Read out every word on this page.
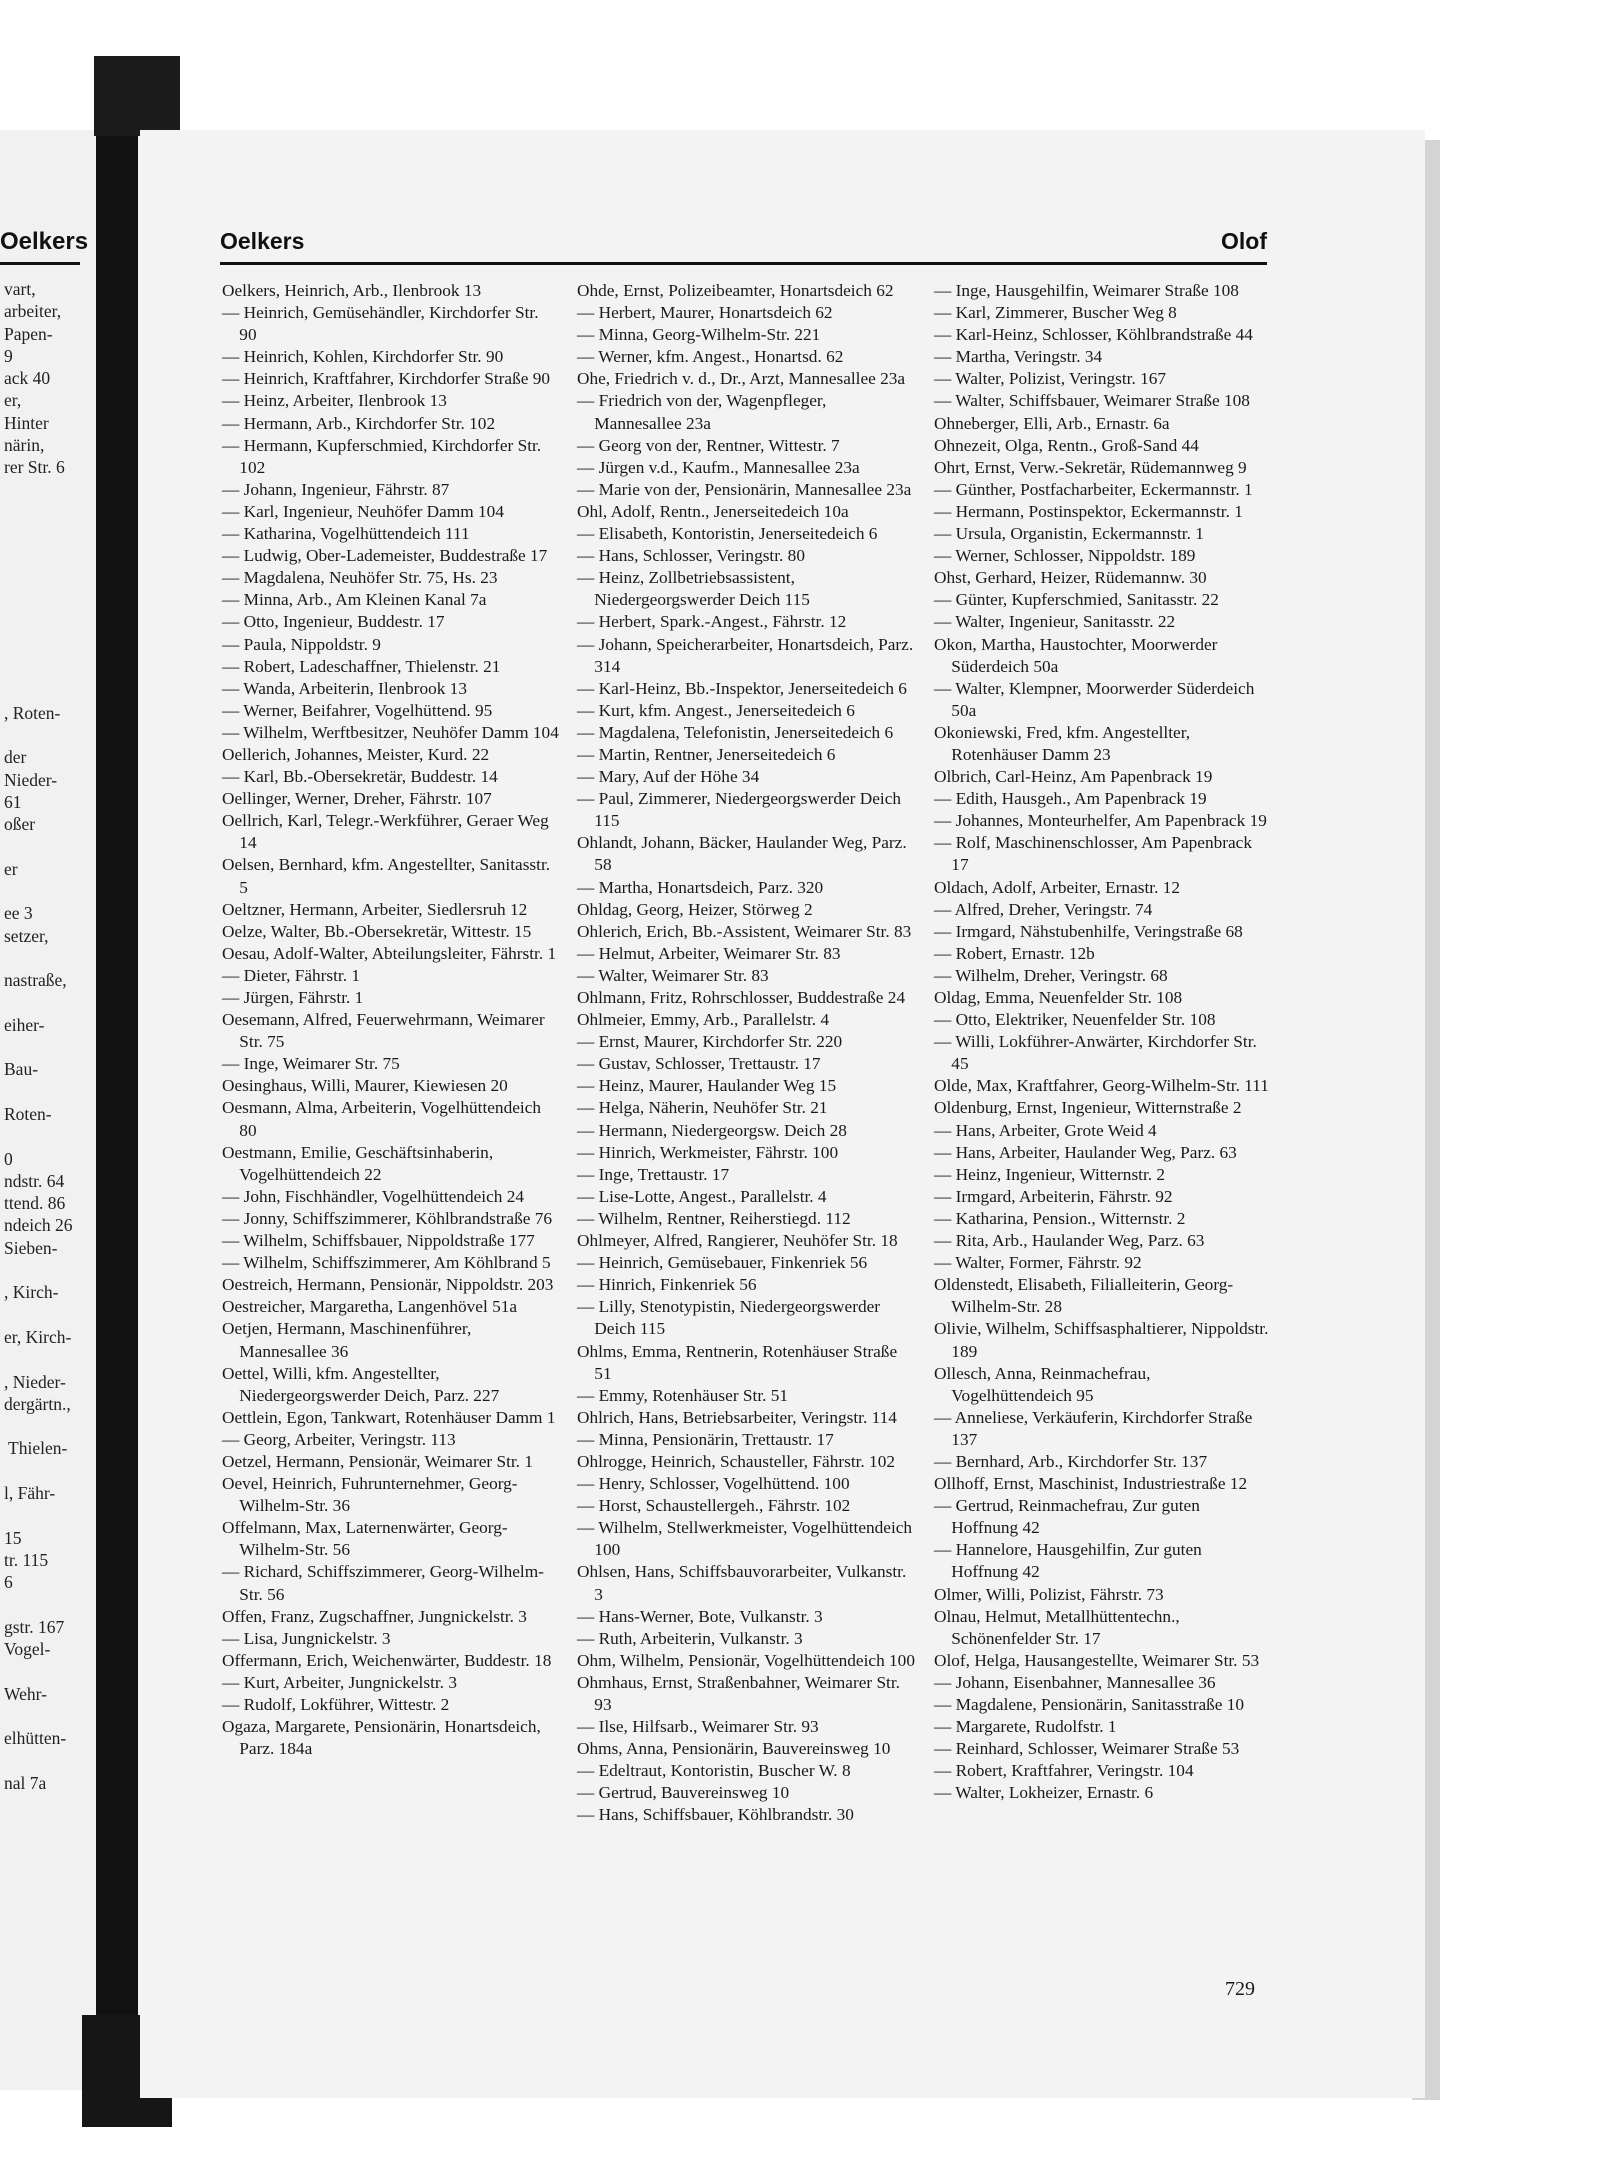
Oelkers
vart,
arbeiter,
Papen-
9
ack 40
er,
Hinter
närin,
rer Str. 6

, Roten-

der
Nieder-
61
oßer

er

ee 3
setzer,

nastraße,

eiher-

Bau-

Roten-

0
ndstr. 64
ttend. 86
ndeich 26
Sieben-

, Kirch-

er, Kirch-

, Nieder-
dergärtn.,

Thielen-

l, Fähr-

15
tr. 115
6

gstr. 167
Vogel-

Wehr-

elhütten-

nal 7a
Oelkers	Olof
Oelkers, Heinrich, Arb., Ilenbrook 13
— Heinrich, Gemüsehändler, Kirchdorfer Str. 90
— Heinrich, Kohlen, Kirchdorfer Str. 90
— Heinrich, Kraftfahrer, Kirchdorfer Straße 90
— Heinz, Arbeiter, Ilenbrook 13
— Hermann, Arb., Kirchdorfer Str. 102
— Hermann, Kupferschmied, Kirchdorfer Str. 102
— Johann, Ingenieur, Fährstr. 87
— Karl, Ingenieur, Neuhöfer Damm 104
— Katharina, Vogelhüttendeich 111
— Ludwig, Ober-Lademeister, Buddestraße 17
— Magdalena, Neuhöfer Str. 75, Hs. 23
— Minna, Arb., Am Kleinen Kanal 7a
— Otto, Ingenieur, Buddestr. 17
— Paula, Nippoldstr. 9
— Robert, Ladeschaffner, Thielenstr. 21
— Wanda, Arbeiterin, Ilenbrook 13
— Werner, Beifahrer, Vogelhüttend. 95
— Wilhelm, Werftbesitzer, Neuhöfer Damm 104
Oellerich, Johannes, Meister, Kurd. 22
— Karl, Bb.-Obersekretär, Buddestr. 14
Oellinger, Werner, Dreher, Fährstr. 107
Oellrich, Karl, Telegr.-Werkführer, Geraer Weg 14
Oelsen, Bernhard, kfm. Angestellter, Sanitasstr. 5
Oeltzner, Hermann, Arbeiter, Siedlersruh 12
Oelze, Walter, Bb.-Obersekretär, Wittestr. 15
Oesau, Adolf-Walter, Abteilungsleiter, Fährstr. 1
— Dieter, Fährstr. 1
— Jürgen, Fährstr. 1
Oesemann, Alfred, Feuerwehrmann, Weimarer Str. 75
— Inge, Weimarer Str. 75
Oesinghaus, Willi, Maurer, Kiewiesen 20
Oesmann, Alma, Arbeiterin, Vogelhüttendeich 80
Oestmann, Emilie, Geschäftsinhaberin, Vogelhüttendeich 22
— John, Fischhändler, Vogelhüttendeich 24
— Jonny, Schiffszimmerer, Köhlbrandstraße 76
— Wilhelm, Schiffsbauer, Nippoldstraße 177
— Wilhelm, Schiffszimmerer, Am Köhlbrand 5
Oestreich, Hermann, Pensionär, Nippoldstr. 203
Oestreicher, Margaretha, Langenhövel 51a
Oetjen, Hermann, Maschinenführer, Mannesallee 36
Oettel, Willi, kfm. Angestellter, Niedergeorgswerder Deich, Parz. 227
Oettlein, Egon, Tankwart, Rotenhäuser Damm 1
— Georg, Arbeiter, Veringstr. 113
Oetzel, Hermann, Pensionär, Weimarer Str. 1
Oevel, Heinrich, Fuhrunternehmer, Georg-Wilhelm-Str. 36
Offelmann, Max, Laternenwärter, Georg-Wilhelm-Str. 56
— Richard, Schiffszimmerer, Georg-Wilhelm-Str. 56
Offen, Franz, Zugschaffner, Jungnickelstr. 3
— Lisa, Jungnickelstr. 3
Offermann, Erich, Weichenwärter, Buddestr. 18
— Kurt, Arbeiter, Jungnickelstr. 3
— Rudolf, Lokführer, Wittestr. 2
Ogaza, Margarete, Pensionärin, Honartsdeich, Parz. 184a
Ohde, Ernst, Polizeibeamter, Honartsdeich 62
— Herbert, Maurer, Honartsdeich 62
— Minna, Georg-Wilhelm-Str. 221
— Werner, kfm. Angest., Honartsd. 62
Ohe, Friedrich v. d., Dr., Arzt, Mannesallee 23a
— Friedrich von der, Wagenpfleger, Mannesallee 23a
— Georg von der, Rentner, Wittestr. 7
— Jürgen v.d., Kaufm., Mannesallee 23a
— Marie von der, Pensionärin, Mannesallee 23a
Ohl, Adolf, Rentn., Jenerseitedeich 10a
— Elisabeth, Kontoristin, Jenerseitedeich 6
— Hans, Schlosser, Veringstr. 80
— Heinz, Zollbetriebsassistent, Niedergeorgswerder Deich 115
— Herbert, Spark.-Angest., Fährstr. 12
— Johann, Speicherarbeiter, Honartsdeich, Parz. 314
— Karl-Heinz, Bb.-Inspektor, Jenerseitedeich 6
— Kurt, kfm. Angest., Jenerseitedeich 6
— Magdalena, Telefonistin, Jenerseitedeich 6
— Martin, Rentner, Jenerseitedeich 6
— Mary, Auf der Höhe 34
— Paul, Zimmerer, Niedergeorgswerder Deich 115
Ohlandt, Johann, Bäcker, Haulander Weg, Parz. 58
— Martha, Honartsdeich, Parz. 320
Ohldag, Georg, Heizer, Störweg 2
Ohlerich, Erich, Bb.-Assistent, Weimarer Str. 83
— Helmut, Arbeiter, Weimarer Str. 83
— Walter, Weimarer Str. 83
Ohlmann, Fritz, Rohrschlosser, Buddestraße 24
Ohlmeier, Emmy, Arb., Parallelstr. 4
— Ernst, Maurer, Kirchdorfer Str. 220
— Gustav, Schlosser, Trettaustr. 17
— Heinz, Maurer, Haulander Weg 15
— Helga, Näherin, Neuhöfer Str. 21
— Hermann, Niedergeorgsw. Deich 28
— Hinrich, Werkmeister, Fährstr. 100
— Inge, Trettaustr. 17
— Lise-Lotte, Angest., Parallelstr. 4
— Wilhelm, Rentner, Reiherstiegd. 112
Ohlmeyer, Alfred, Rangierer, Neuhöfer Str. 18
— Heinrich, Gemüsebauer, Finkenriek 56
— Hinrich, Finkenriek 56
— Lilly, Stenotypistin, Niedergeorgswerder Deich 115
Ohlms, Emma, Rentnerin, Rotenhäuser Straße 51
— Emmy, Rotenhäuser Str. 51
Ohlrich, Hans, Betriebsarbeiter, Veringstr. 114
— Minna, Pensionärin, Trettaustr. 17
Ohlrogge, Heinrich, Schausteller, Fährstr. 102
— Henry, Schlosser, Vogelhüttend. 100
— Horst, Schaustellergeh., Fährstr. 102
— Wilhelm, Stellwerkmeister, Vogelhüttendeich 100
Ohlsen, Hans, Schiffsbauvorarbeiter, Vulkanstr. 3
— Hans-Werner, Bote, Vulkanstr. 3
— Ruth, Arbeiterin, Vulkanstr. 3
Ohm, Wilhelm, Pensionär, Vogelhüttendeich 100
Ohmhaus, Ernst, Straßenbahner, Weimarer Str. 93
— Ilse, Hilfsarb., Weimarer Str. 93
Ohms, Anna, Pensionärin, Bauvereinsweg 10
— Edeltraut, Kontoristin, Buscher W. 8
— Gertrud, Bauvereinsweg 10
— Hans, Schiffsbauer, Köhlbrandstr. 30
— Inge, Hausgehilfin, Weimarer Straße 108
— Karl, Zimmerer, Buscher Weg 8
— Karl-Heinz, Schlosser, Köhlbrandstraße 44
— Martha, Veringstr. 34
— Walter, Polizist, Veringstr. 167
— Walter, Schiffsbauer, Weimarer Straße 108
Ohneberger, Elli, Arb., Ernastr. 6a
Ohnezeit, Olga, Rentn., Groß-Sand 44
Ohrt, Ernst, Verw.-Sekretär, Rüdemannweg 9
— Günther, Postfacharbeiter, Eckermannstr. 1
— Hermann, Postinspektor, Eckermannstr. 1
— Ursula, Organistin, Eckermannstr. 1
— Werner, Schlosser, Nippoldstr. 189
Ohst, Gerhard, Heizer, Rüdemannw. 30
— Günter, Kupferschmied, Sanitasstr. 22
— Walter, Ingenieur, Sanitasstr. 22
Okon, Martha, Haustochter, Moorwerder Süderdeich 50a
— Walter, Klempner, Moorwerder Süderdeich 50a
Okoniewski, Fred, kfm. Angestellter, Rotenhäuser Damm 23
Olbrich, Carl-Heinz, Am Papenbrack 19
— Edith, Hausgeh., Am Papenbrack 19
— Johannes, Monteurhelfer, Am Papenbrack 19
— Rolf, Maschinenschlosser, Am Papenbrack 17
Oldach, Adolf, Arbeiter, Ernastr. 12
— Alfred, Dreher, Veringstr. 74
— Irmgard, Nähstubenhilfe, Veringstraße 68
— Robert, Ernastr. 12b
— Wilhelm, Dreher, Veringstr. 68
Oldag, Emma, Neuenfelder Str. 108
— Otto, Elektriker, Neuenfelder Str. 108
— Willi, Lokführer-Anwärter, Kirchdorfer Str. 45
Olde, Max, Kraftfahrer, Georg-Wilhelm-Str. 111
Oldenburg, Ernst, Ingenieur, Witternstraße 2
— Hans, Arbeiter, Grote Weid 4
— Hans, Arbeiter, Haulander Weg, Parz. 63
— Heinz, Ingenieur, Witternstr. 2
— Irmgard, Arbeiterin, Fährstr. 92
— Katharina, Pension., Witternstr. 2
— Rita, Arb., Haulander Weg, Parz. 63
— Walter, Former, Fährstr. 92
Oldenstedt, Elisabeth, Filialleiterin, Georg-Wilhelm-Str. 28
Olivie, Wilhelm, Schiffsasphaltierer, Nippoldstr. 189
Ollesch, Anna, Reinmachefrau, Vogelhüttendeich 95
— Anneliese, Verkäuferin, Kirchdorfer Straße 137
— Bernhard, Arb., Kirchdorfer Str. 137
Ollhoff, Ernst, Maschinist, Industriestraße 12
— Gertrud, Reinmachefrau, Zur guten Hoffnung 42
— Hannelore, Hausgehilfin, Zur guten Hoffnung 42
Olmer, Willi, Polizist, Fährstr. 73
Olnau, Helmut, Metallhüttentechn., Schönenfelder Str. 17
Olof, Helga, Hausangestellte, Weimarer Str. 53
— Johann, Eisenbahner, Mannesallee 36
— Magdalene, Pensionärin, Sanitasstraße 10
— Margarete, Rudolfstr. 1
— Reinhard, Schlosser, Weimarer Straße 53
— Robert, Kraftfahrer, Veringstr. 104
— Walter, Lokheizer, Ernastr. 6
729
